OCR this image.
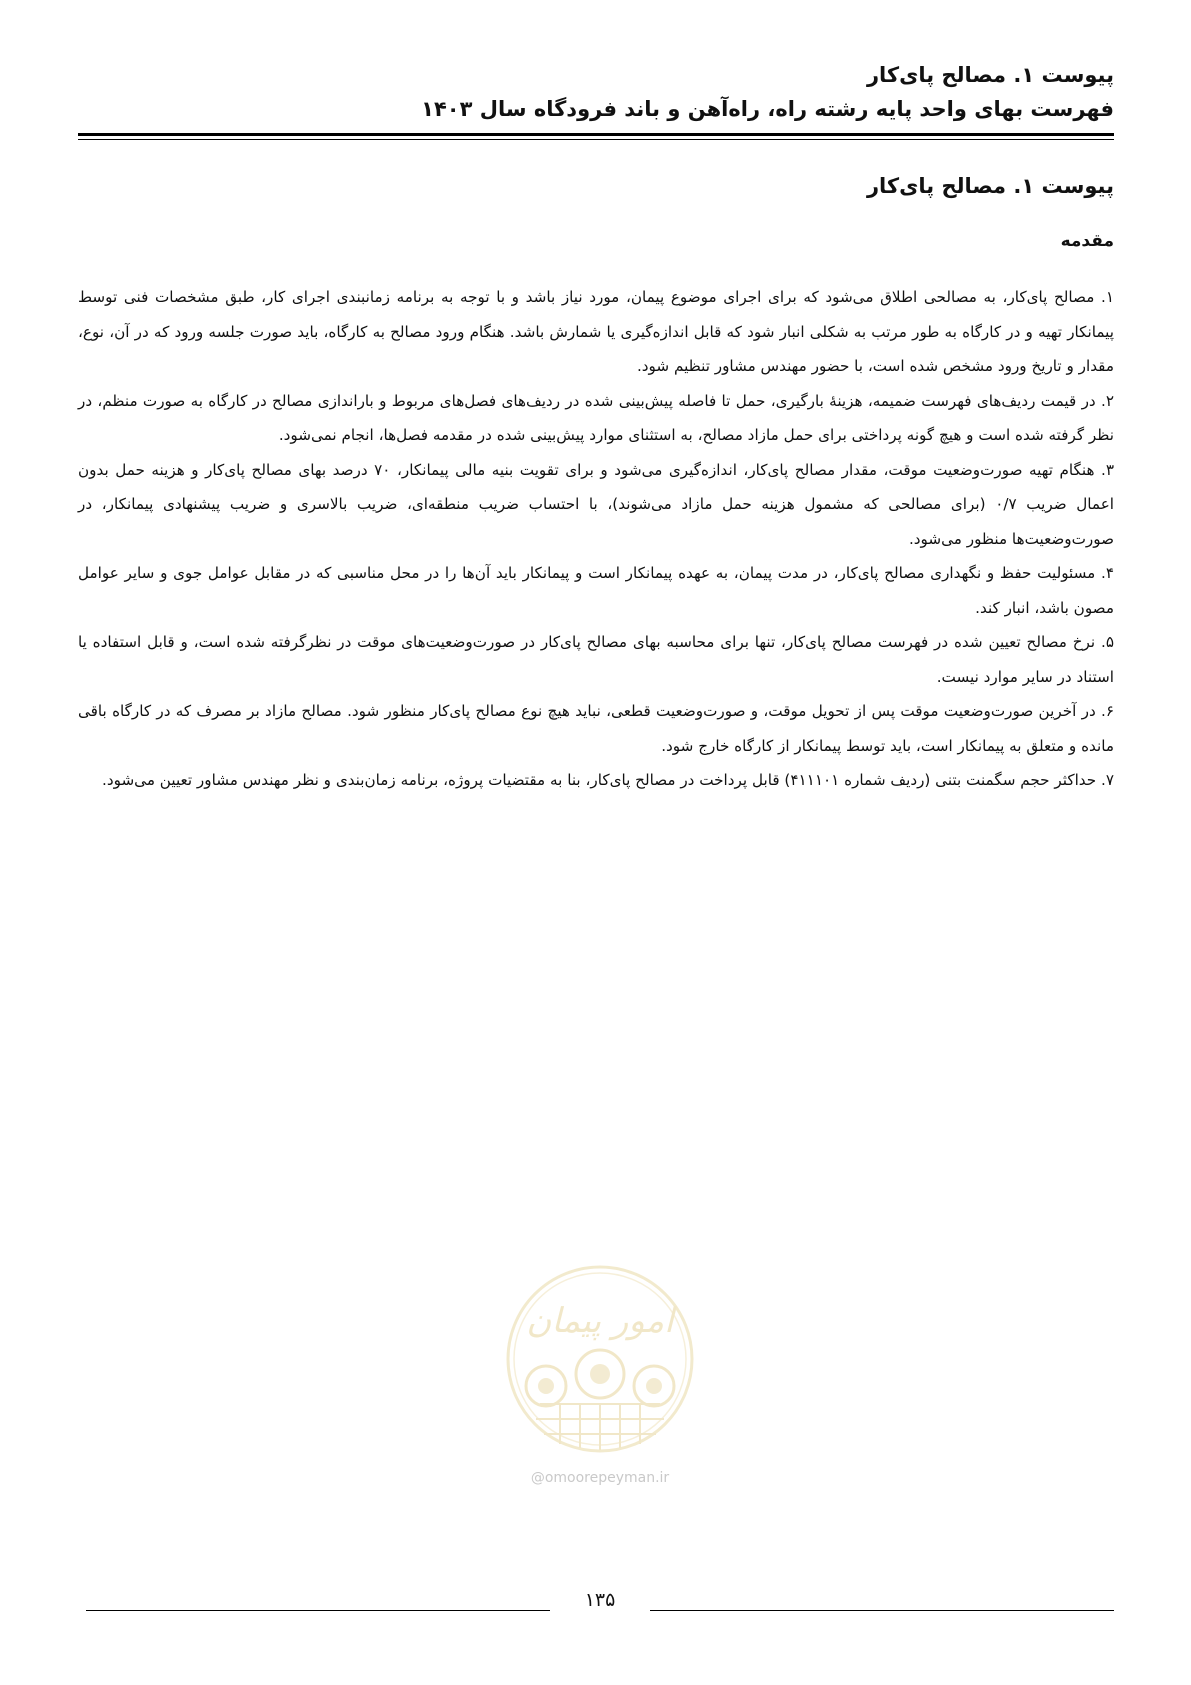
پیوست ۱. مصالح پای‌کار
فهرست بهای واحد پایه رشته راه، راه‌آهن و باند فرودگاه سال ۱۴۰۳
پیوست ۱. مصالح پای‌کار
مقدمه

۱. مصالح پای‌کار، به مصالحی اطلاق می‌شود که برای اجرای موضوع پیمان، مورد نیاز باشد و با توجه به برنامه زمانبندی اجرای کار، طبق مشخصات فنی توسط پیمانکار تهیه و در کارگاه به طور مرتب به شکلی انبار شود که قابل اندازه‌گیری یا شمارش باشد. هنگام ورود مصالح به کارگاه، باید صورت جلسه ورود که در آن، نوع، مقدار و تاریخ ورود مشخص شده است، با حضور مهندس مشاور تنظیم شود.

۲. در قیمت ردیف‌های فهرست ضمیمه، هزینهٔ بارگیری، حمل تا فاصله پیش‌بینی شده در ردیف‌های فصل‌های مربوط و باراندازی مصالح در کارگاه به صورت منظم، در نظر گرفته شده است و هیچ گونه پرداختی برای حمل مازاد مصالح، به استثنای موارد پیش‌بینی شده در مقدمه فصل‌ها، انجام نمی‌شود.

۳. هنگام تهیه صورت‌وضعیت موقت، مقدار مصالح پای‌کار، اندازه‌گیری می‌شود و برای تقویت بنیه مالی پیمانکار، ۷۰ درصد بهای مصالح پای‌کار و هزینه حمل بدون اعمال ضریب ۰/۷ (برای مصالحی که مشمول هزینه حمل مازاد می‌شوند)، با احتساب ضریب منطقه‌ای، ضریب بالاسری و ضریب پیشنهادی پیمانکار، در صورت‌وضعیت‌ها منظور می‌شود.

۴. مسئولیت حفظ و نگهداری مصالح پای‌کار، در مدت پیمان، به عهده پیمانکار است و پیمانکار باید آن‌ها را در محل مناسبی که در مقابل عوامل جوی و سایر عوامل مصون باشد، انبار کند.

۵. نرخ مصالح تعیین شده در فهرست مصالح پای‌کار، تنها برای محاسبه بهای مصالح پای‌کار در صورت‌وضعیت‌های موقت در نظرگرفته شده است، و قابل استفاده یا استناد در سایر موارد نیست.

۶. در آخرین صورت‌وضعیت موقت پس از تحویل موقت، و صورت‌وضعیت قطعی، نباید هیچ نوع مصالح پای‌کار منظور شود. مصالح مازاد بر مصرف که در کارگاه باقی مانده و متعلق به پیمانکار است، باید توسط پیمانکار از کارگاه خارج شود.

۷. حداکثر حجم سگمنت بتنی (ردیف شماره ۴۱۱۱۰۱) قابل پرداخت در مصالح پای‌کار، بنا به مقتضیات پروژه، برنامه زمان‌بندی و نظر مهندس مشاور تعیین می‌شود.

امور پیمان
@omoorepeyman.ir
۱۳۵
